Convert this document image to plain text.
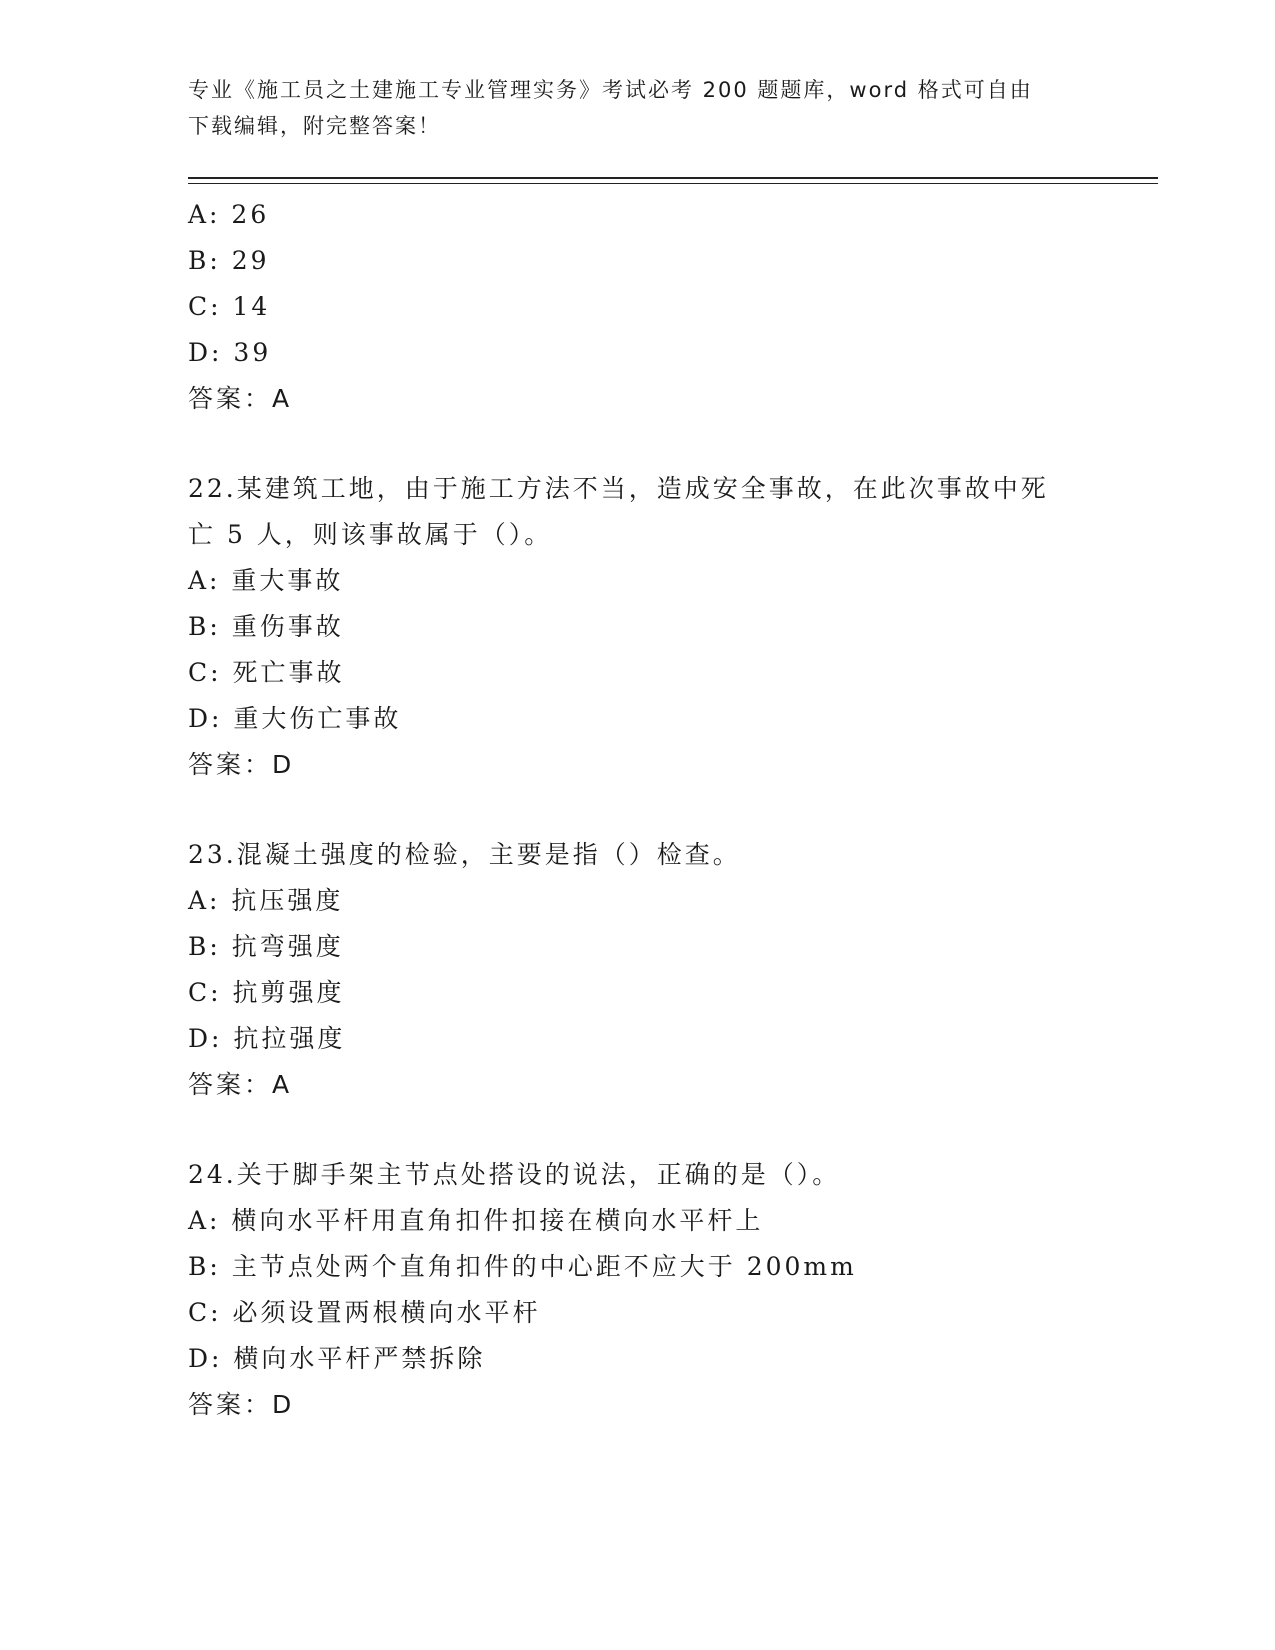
专业《施工员之土建施工专业管理实务》考试必考 200 题题库，word 格式可自由
下载编辑，附完整答案！
A: 26
B: 29
C: 14
D: 39
答案：A
22.某建筑工地，由于施工方法不当，造成安全事故，在此次事故中死
亡 5 人，则该事故属于（）。
A: 重大事故
B: 重伤事故
C: 死亡事故
D: 重大伤亡事故
答案：D
23.混凝土强度的检验，主要是指（）检查。
A: 抗压强度
B: 抗弯强度
C: 抗剪强度
D: 抗拉强度
答案：A
24.关于脚手架主节点处搭设的说法，正确的是（）。
A: 横向水平杆用直角扣件扣接在横向水平杆上
B: 主节点处两个直角扣件的中心距不应大于 200mm
C: 必须设置两根横向水平杆
D: 横向水平杆严禁拆除
答案：D
